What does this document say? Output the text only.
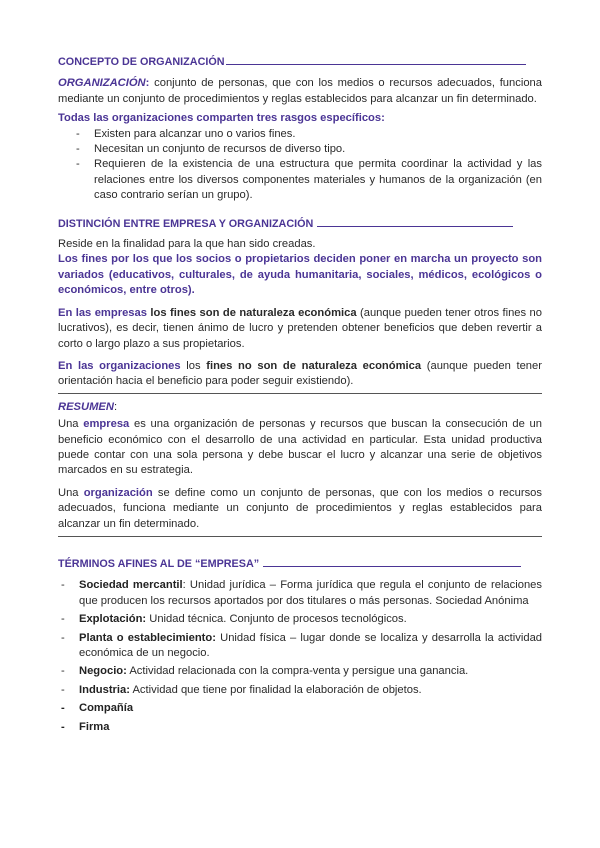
CONCEPTO DE ORGANIZACIÓN

ORGANIZACIÓN: conjunto de personas, que con los medios o recursos adecuados, funciona mediante un conjunto de procedimientos y reglas establecidos para alcanzar un fin determinado.

Todas las organizaciones comparten tres rasgos específicos:

- Existen para alcanzar uno o varios fines.
- Necesitan un conjunto de recursos de diverso tipo.
- Requieren de la existencia de una estructura que permita coordinar la actividad y las relaciones entre los diversos componentes materiales y humanos de la organización (en caso contrario serían un grupo).
DISTINCIÓN ENTRE EMPRESA Y ORGANIZACIÓN

Reside en la finalidad para la que han sido creadas.

Los fines por los que los socios o propietarios deciden poner en marcha un proyecto son variados (educativos, culturales, de ayuda humanitaria, sociales, médicos, ecológicos o económicos, entre otros).

En las empresas los fines son de naturaleza económica (aunque pueden tener otros fines no lucrativos), es decir, tienen ánimo de lucro y pretenden obtener beneficios que deben revertir a corto o largo plazo a sus propietarios.

En las organizaciones los fines no son de naturaleza económica (aunque pueden tener orientación hacia el beneficio para poder seguir existiendo).

RESUMEN:

Una empresa es una organización de personas y recursos que buscan la consecución de un beneficio económico con el desarrollo de una actividad en particular. Esta unidad productiva puede contar con una sola persona y debe buscar el lucro y alcanzar una serie de objetivos marcados en su estrategia.

Una organización se define como un conjunto de personas, que con los medios o recursos adecuados, funciona mediante un conjunto de procedimientos y reglas establecidos para alcanzar un fin determinado.

TÉRMINOS AFINES AL DE “EMPRESA”
- Sociedad mercantil: Unidad jurídica – Forma jurídica que regula el conjunto de relaciones que producen los recursos aportados por dos titulares o más personas. Sociedad Anónima
- Explotación: Unidad técnica. Conjunto de procesos tecnológicos.
- Planta o establecimiento: Unidad física – lugar donde se localiza y desarrolla la actividad económica de un negocio.
- Negocio: Actividad relacionada con la compra-venta y persigue una ganancia.
- Industria: Actividad que tiene por finalidad la elaboración de objetos.
- Compañía
- Firma
